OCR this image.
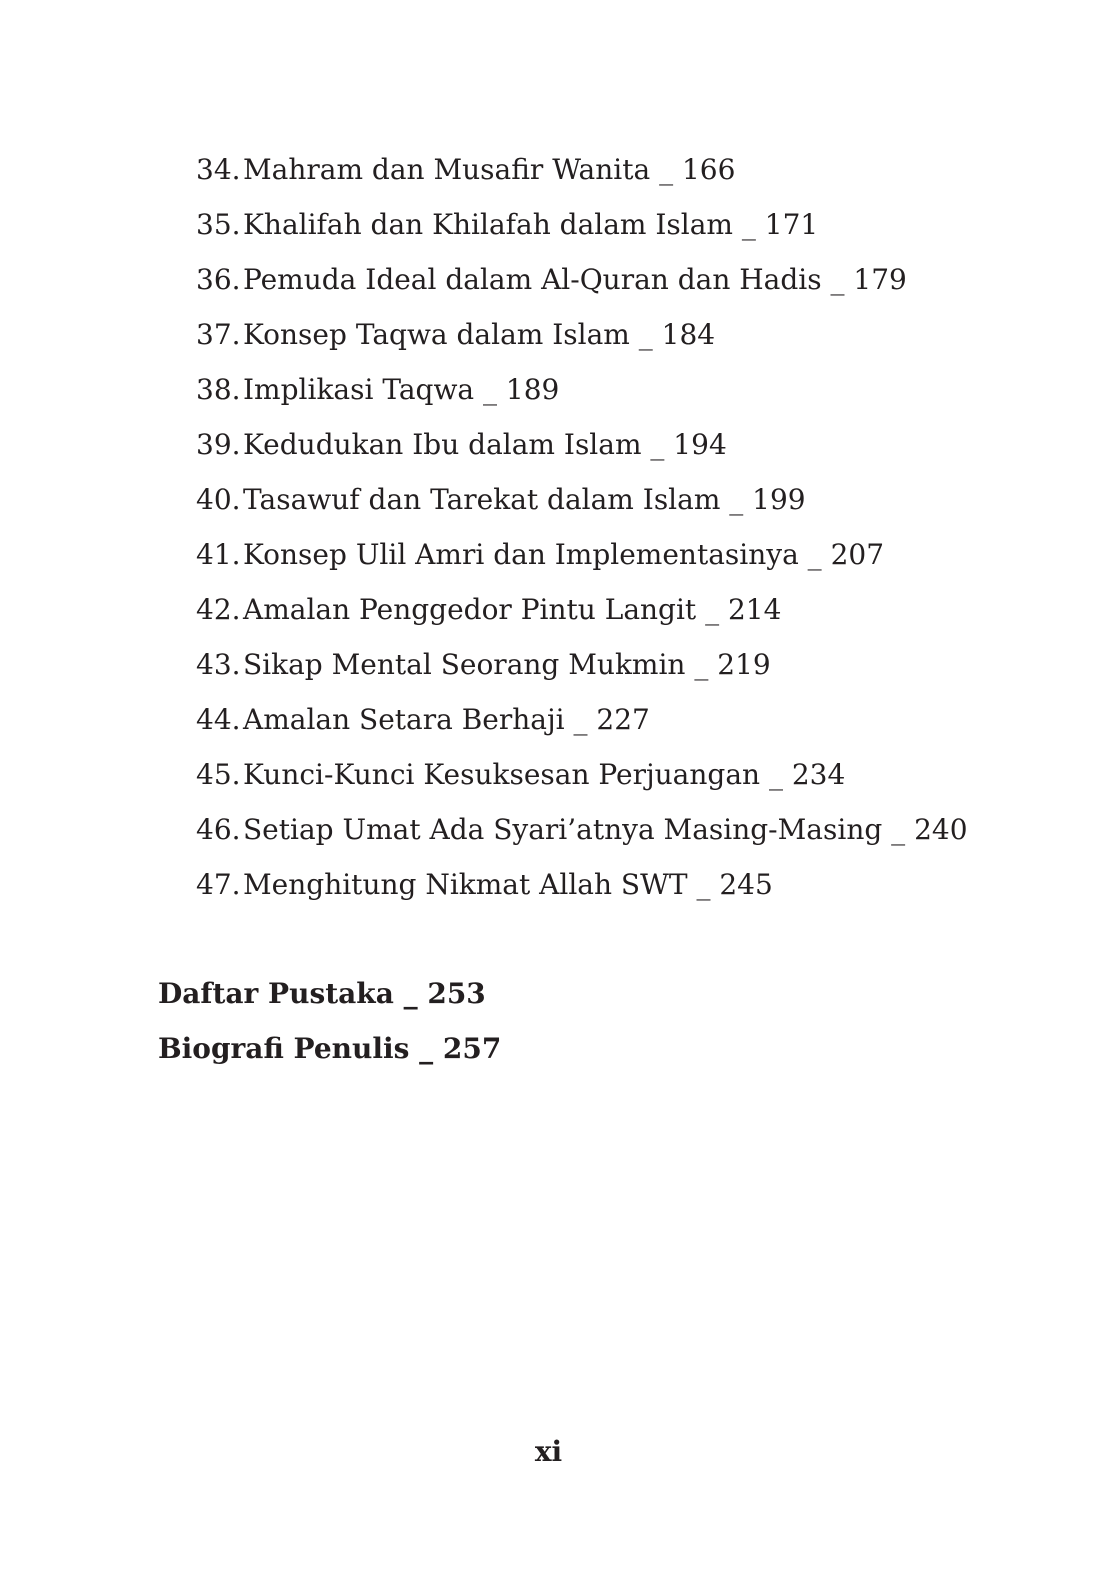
34. Mahram dan Musafir Wanita _ 166
35. Khalifah dan Khilafah dalam Islam _ 171
36. Pemuda Ideal dalam Al-Quran dan Hadis _ 179
37. Konsep Taqwa dalam Islam _ 184
38. Implikasi Taqwa _ 189
39. Kedudukan Ibu dalam Islam _ 194
40. Tasawuf dan Tarekat dalam Islam _ 199
41. Konsep Ulil Amri dan Implementasinya _ 207
42. Amalan Penggedor Pintu Langit _ 214
43. Sikap Mental Seorang Mukmin _ 219
44. Amalan Setara Berhaji _ 227
45. Kunci-Kunci Kesuksesan Perjuangan _ 234
46. Setiap Umat Ada Syari’atnya Masing-Masing _ 240
47. Menghitung Nikmat Allah SWT _ 245
Daftar Pustaka _ 253
Biografi Penulis _ 257
xi
